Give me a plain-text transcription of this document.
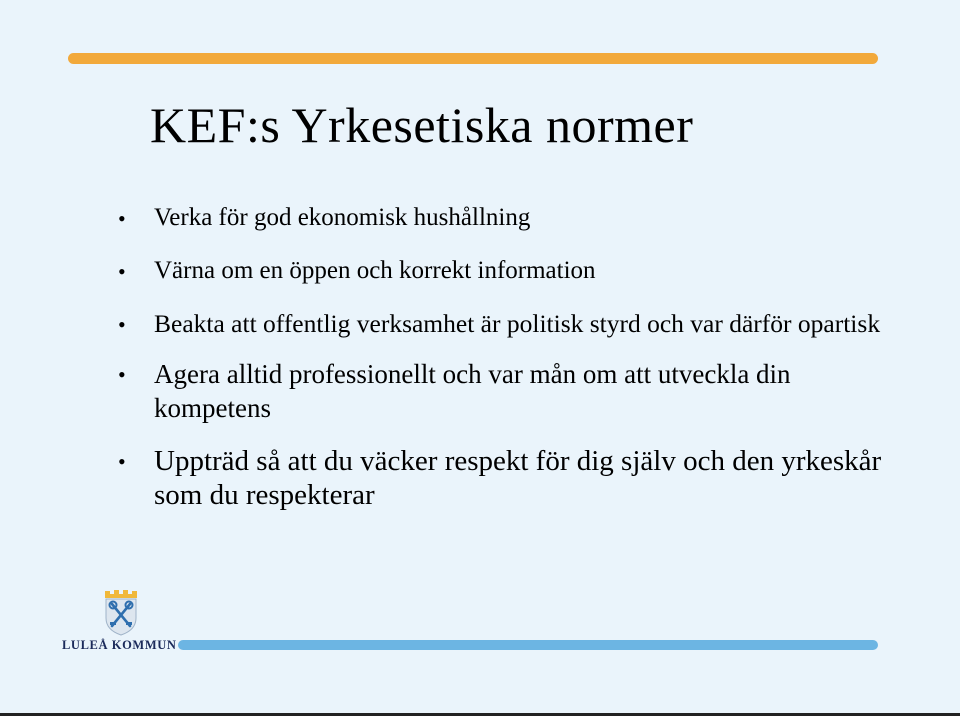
KEF:s Yrkesetiska normer
• Verka för god ekonomisk hushållning
• Värna om en öppen och korrekt information
• Beakta att offentlig verksamhet är politisk styrd och var därför opartisk
• Agera alltid professionellt och var mån om att utveckla din kompetens
• Uppträd så att du väcker respekt för dig själv och den yrkeskår som du respekterar
LULEÅ KOMMUN
